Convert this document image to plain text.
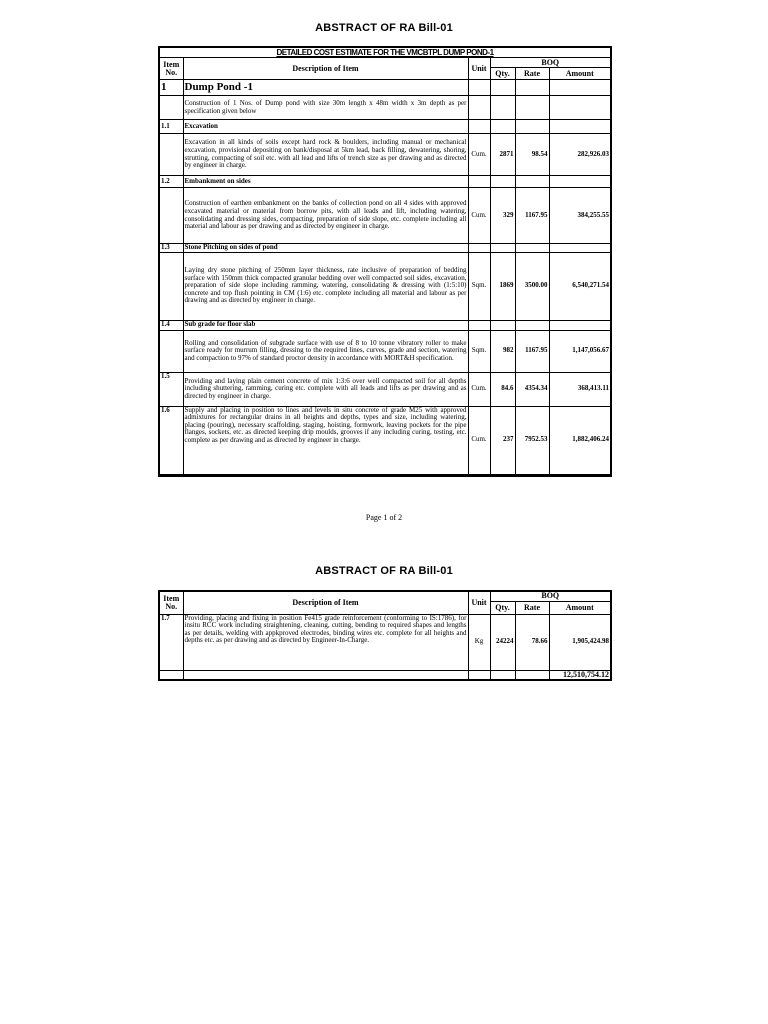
ABSTRACT OF RA Bill-01
DETAILED COST ESTIMATE FOR THE VMCBTPL DUMP POND-1					
Item No.	Description of Item	Unit	BOQ		
			Qty.	Rate	Amount
1	Dump Pond -1				
	Construction of 1 Nos. of Dump pond with size 30m length x 48m width x 3m depth as per specification given below				
1.1	Excavation				
	Excavation in all kinds of soils except hard rock & boulders, including manual or mechanical excavation, provisional depositing on bank/disposal at 5km lead, back filling, dewatering, shoring, strutting, compacting of soil etc. with all lead and lifts of trench size as per drawing and as directed by engineer in charge.	Cum.	2871	98.54	282,926.03
1.2	Embankment on sides				
	Construction of earthen embankment on the banks of collection pond on all 4 sides with approved excavated material or material from borrow pits, with all leads and lift, including watering, consolidating and dressing sides, compacting, preparation of side slope, etc. complete including all material and labour as per drawing and as directed by engineer in charge.	Cum.	329	1167.95	384,255.55
1.3	Stone Pitching on sides of pond				
	Laying dry stone pitching of 250mm layer thickness, rate inclusive of preparation of bedding surface with 150mm thick compacted granular bedding over well compacted soil sides, excavation, preparation of side slope including ramming, watering, consolidating & dressing with (1:5:10) concrete and top flush pointing in CM (1:6) etc. complete including all material and labour as per drawing and as directed by engineer in charge.	Sqm.	1869	3500.00	6,540,271.54
1.4	Sub grade for floor slab				
	Rolling and consolidation of subgrade surface with use of 8 to 10 tonne vibratory roller to make surface ready for murrum filling, dressing to the required lines, curves, grade and section, watering and compaction to 97% of standard proctor density in accordance with MORT&H specification.	Sqm.	982	1167.95	1,147,056.67
1.5	Providing and laying plain cement concrete of mix 1:3:6 over well compacted soil for all depths including shuttering, ramming, curing etc. complete with all leads and lifts as per drawing and as directed by engineer in charge.	Cum.	84.6	4354.34	368,413.11
1.6	Supply and placing in position to lines and levels in situ concrete of grade M25 with approved admixtures for rectangular drains in all heights and depths, types and size, including watering, placing (pouring), necessary scaffolding, staging, hoisting, formwork, leaving pockets for the pipe flanges, sockets, etc. as directed keeping drip moulds, grooves if any including curing, testing, etc. complete as per drawing and as directed by engineer in charge.	Cum.	237	7952.53	1,882,406.24

Page 1 of 2
ABSTRACT OF RA Bill-01
Item No.	Description of Item	Unit	BOQ		
			Qty.	Rate	Amount
1.7	Providing, placing and fixing in position Fe415 grade reinforcement (conforming to IS:1786), for insitu RCC work including straightening, cleaning, cutting, bending to required shapes and lengths as per details, welding with appkproved electrodes, binding wires etc. complete for all heights and depths etc. as per drawing and as directed by Engineer-In-Charge.	Kg	24224	78.66	1,905,424.98
					12,510,754.12
